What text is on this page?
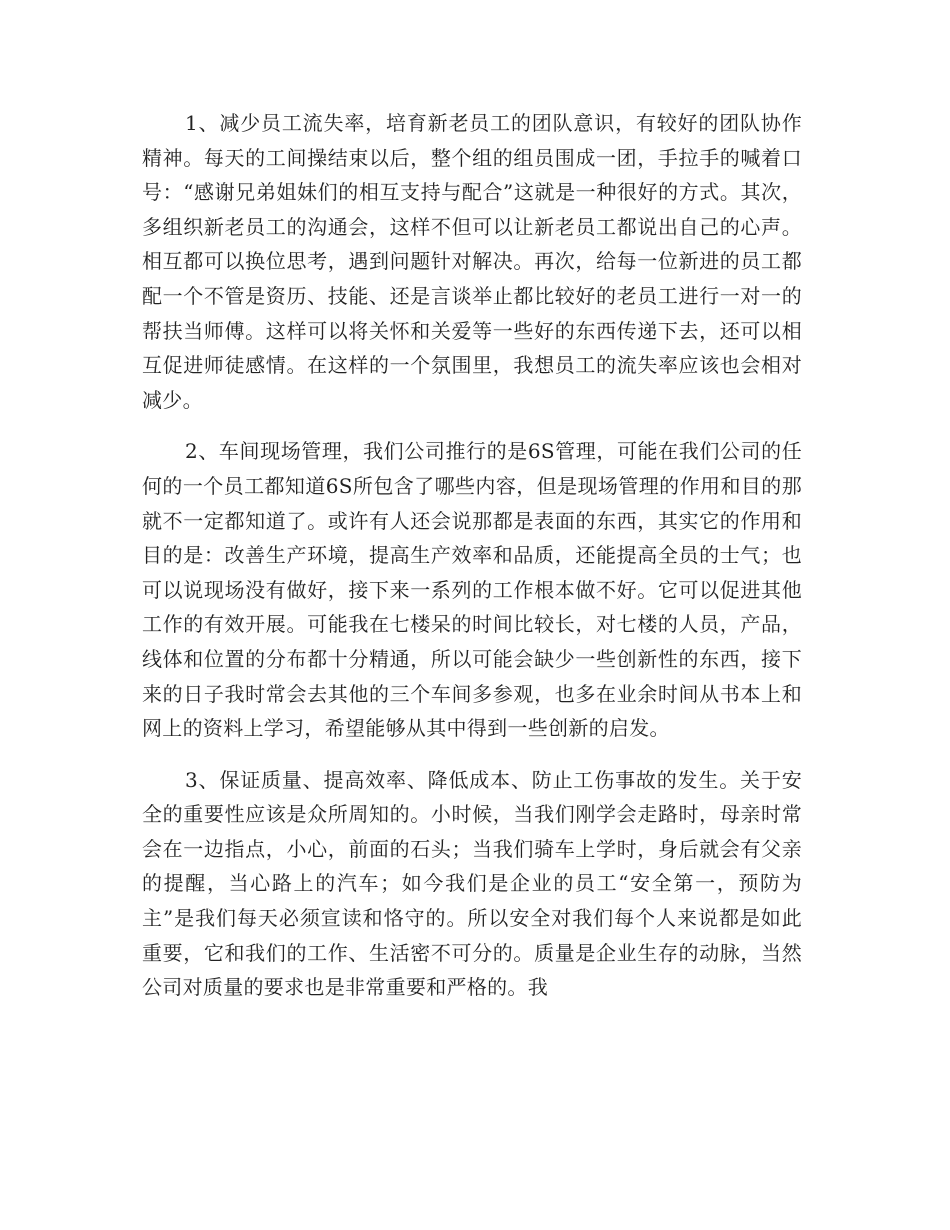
1、减少员工流失率，培育新老员工的团队意识，有较好的团队协作精神。每天的工间操结束以后，整个组的组员围成一团，手拉手的喊着口号：“感谢兄弟姐妹们的相互支持与配合”这就是一种很好的方式。其次，多组织新老员工的沟通会，这样不但可以让新老员工都说出自己的心声。相互都可以换位思考，遇到问题针对解决。再次，给每一位新进的员工都配一个不管是资历、技能、还是言谈举止都比较好的老员工进行一对一的帮扶当师傅。这样可以将关怀和关爱等一些好的东西传递下去，还可以相互促进师徒感情。在这样的一个氛围里，我想员工的流失率应该也会相对减少。

2、车间现场管理，我们公司推行的是6S管理，可能在我们公司的任何的一个员工都知道6S所包含了哪些内容，但是现场管理的作用和目的那就不一定都知道了。或许有人还会说那都是表面的东西，其实它的作用和目的是：改善生产环境，提高生产效率和品质，还能提高全员的士气；也可以说现场没有做好，接下来一系列的工作根本做不好。它可以促进其他工作的有效开展。可能我在七楼呆的时间比较长，对七楼的人员，产品，线体和位置的分布都十分精通，所以可能会缺少一些创新性的东西，接下来的日子我时常会去其他的三个车间多参观，也多在业余时间从书本上和网上的资料上学习，希望能够从其中得到一些创新的启发。

3、保证质量、提高效率、降低成本、防止工伤事故的发生。关于安全的重要性应该是众所周知的。小时候，当我们刚学会走路时，母亲时常会在一边指点，小心，前面的石头；当我们骑车上学时，身后就会有父亲的提醒，当心路上的汽车；如今我们是企业的员工“安全第一，预防为主”是我们每天必须宣读和恪守的。所以安全对我们每个人来说都是如此重要，它和我们的工作、生活密不可分的。质量是企业生存的动脉，当然公司对质量的要求也是非常重要和严格的。我
